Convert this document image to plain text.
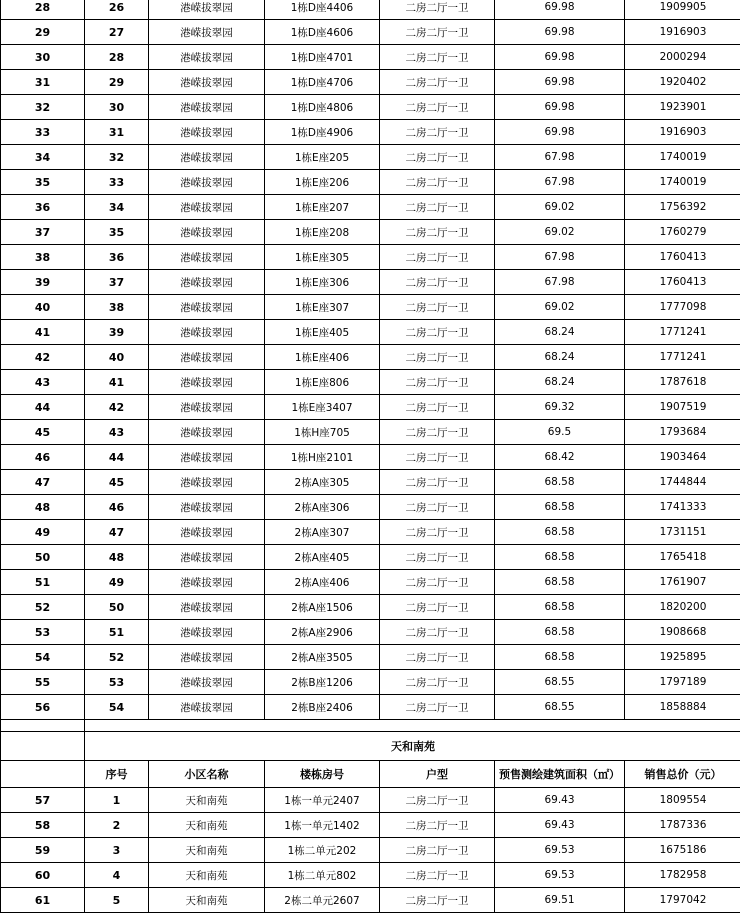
28	26	港嵘拔翠园	1栋D座4406	二房二厅一卫	69.98	1909905
29	27	港嵘拔翠园	1栋D座4606	二房二厅一卫	69.98	1916903
30	28	港嵘拔翠园	1栋D座4701	二房二厅一卫	69.98	2000294
31	29	港嵘拔翠园	1栋D座4706	二房二厅一卫	69.98	1920402
32	30	港嵘拔翠园	1栋D座4806	二房二厅一卫	69.98	1923901
33	31	港嵘拔翠园	1栋D座4906	二房二厅一卫	69.98	1916903
34	32	港嵘拔翠园	1栋E座205	二房二厅一卫	67.98	1740019
35	33	港嵘拔翠园	1栋E座206	二房二厅一卫	67.98	1740019
36	34	港嵘拔翠园	1栋E座207	二房二厅一卫	69.02	1756392
37	35	港嵘拔翠园	1栋E座208	二房二厅一卫	69.02	1760279
38	36	港嵘拔翠园	1栋E座305	二房二厅一卫	67.98	1760413
39	37	港嵘拔翠园	1栋E座306	二房二厅一卫	67.98	1760413
40	38	港嵘拔翠园	1栋E座307	二房二厅一卫	69.02	1777098
41	39	港嵘拔翠园	1栋E座405	二房二厅一卫	68.24	1771241
42	40	港嵘拔翠园	1栋E座406	二房二厅一卫	68.24	1771241
43	41	港嵘拔翠园	1栋E座806	二房二厅一卫	68.24	1787618
44	42	港嵘拔翠园	1栋E座3407	二房二厅一卫	69.32	1907519
45	43	港嵘拔翠园	1栋H座705	二房二厅一卫	69.5	1793684
46	44	港嵘拔翠园	1栋H座2101	二房二厅一卫	68.42	1903464
47	45	港嵘拔翠园	2栋A座305	二房二厅一卫	68.58	1744844
48	46	港嵘拔翠园	2栋A座306	二房二厅一卫	68.58	1741333
49	47	港嵘拔翠园	2栋A座307	二房二厅一卫	68.58	1731151
50	48	港嵘拔翠园	2栋A座405	二房二厅一卫	68.58	1765418
51	49	港嵘拔翠园	2栋A座406	二房二厅一卫	68.58	1761907
52	50	港嵘拔翠园	2栋A座1506	二房二厅一卫	68.58	1820200
53	51	港嵘拔翠园	2栋A座2906	二房二厅一卫	68.58	1908668
54	52	港嵘拔翠园	2栋A座3505	二房二厅一卫	68.58	1925895
55	53	港嵘拔翠园	2栋B座1206	二房二厅一卫	68.55	1797189
56	54	港嵘拔翠园	2栋B座2406	二房二厅一卫	68.55	1858884

	天和南苑					
	序号	小区名称	楼栋房号	户型	预售测绘建筑面积（㎡）	销售总价（元）
57	1	天和南苑	1栋一单元2407	二房二厅一卫	69.43	1809554
58	2	天和南苑	1栋一单元1402	二房二厅一卫	69.43	1787336
59	3	天和南苑	1栋二单元202	二房二厅一卫	69.53	1675186
60	4	天和南苑	1栋二单元802	二房二厅一卫	69.53	1782958
61	5	天和南苑	2栋二单元2607	二房二厅一卫	69.51	1797042
